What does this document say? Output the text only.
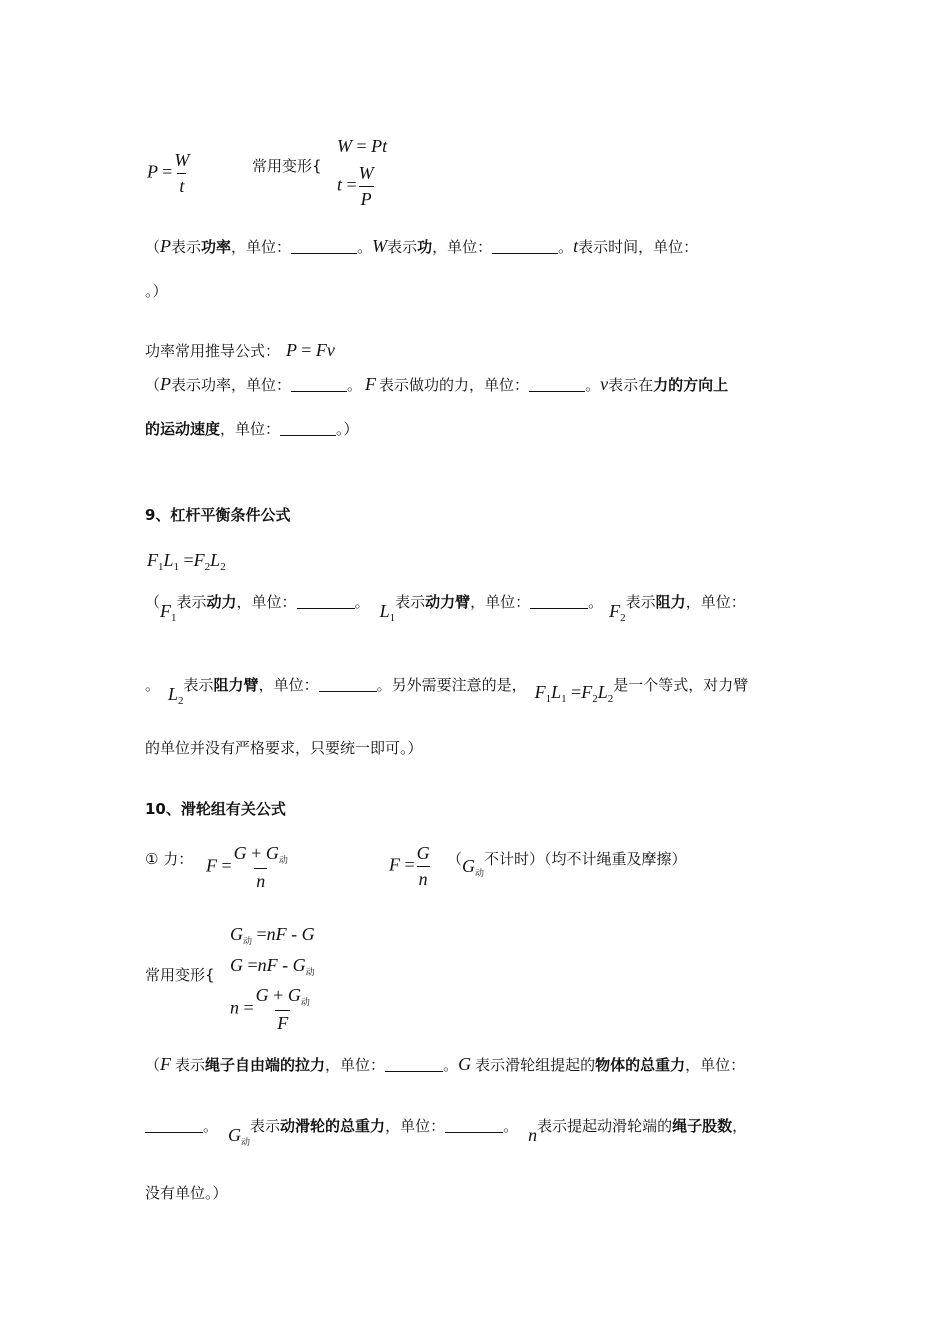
$P = \frac{W}{t}$	常用变形{
W = Pt
$t = \frac{W}{P}$
（P表示功率，单位：	。W表示功，单位：	。t表示时间，单位：
。）
功率常用推导公式： P = Fv
（P表示功率，单位：	。 F 表示做功的力，单位：	。v表示在力的方向上
的运动速度，单位：	。）
9、杠杆平衡条件公式
$F_1L_1 =F_2L_2$
（$F_1$表示动力，单位：	。 $L_1$表示动力臂，单位：	。 $F_2$表示阻力，单位：
。 $L_2$表示阻力臂，单位：	。另外需要注意的是， $F_1L_1 =F_2L_2$是一个等式，对力臂
的单位并没有严格要求，只要统一即可。）
10、滑轮组有关公式
① 力： $F = \frac{G + G_动}{n}$	$F = \frac{G}{n} (G_动$不计时）（均不计绳重及摩擦）
常用变形{
$G_动 =nF - G$
$G =nF - G_动$
$n = \frac{G + G_动}{F}$
（F 表示绳子自由端的拉力，单位：	。G 表示滑轮组提起的物体的总重力，单位：
。 $G_动$表示动滑轮的总重力，单位：	。 n表示提起动滑轮端的绳子股数，
没有单位。）
